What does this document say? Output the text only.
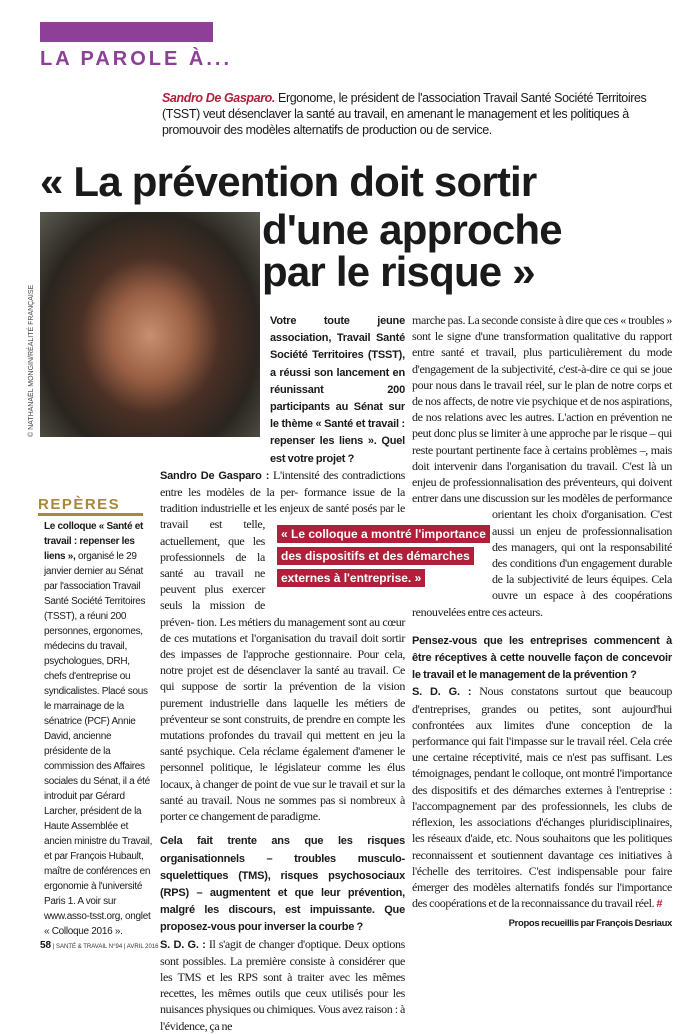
LA PAROLE À...
Sandro De Gasparo. Ergonome, le président de l'association Travail Santé Société Territoires (TSST) veut désenclaver la santé au travail, en amenant le management et les politiques à promouvoir des modèles alternatifs de production ou de service.
« La prévention doit sortir
d'une approche
par le risque »
© NATHANAËL MONGIN/RÉALITÉ FRANÇAISE	Votre toute jeune association, Travail Santé Société Territoires (TSST), a réussi son lancement en réunissant 200 participants au Sénat sur le thème « Santé et travail : repenser les liens ». Quel est votre projet ?
Sandro De Gasparo : L'intensité des contradictions entre les modèles de la per- formance issue de la tradition industrielle et les enjeux de santé posés par le travail est telle, actuellement, que les professionnels de la santé au travail ne peuvent plus exercer seuls la mission de préven- tion. Les métiers du management sont au cœur de ces mutations et l'organisation du travail doit sortir des impasses de l'approche gestionnaire. Pour cela, notre projet est de désenclaver la santé au travail. Ce qui suppose de sortir la prévention de la vision purement industrielle dans laquelle les métiers de préventeur se sont construits, de prendre en compte les mutations profondes du travail qui mettent en jeu la santé psychique. Cela réclame également d'amener le personnel politique, le législateur comme les élus locaux, à changer de point de vue sur le travail et sur la santé au travail. Nous ne sommes pas si nombreux à porter ce changement de paradigme.
Cela fait trente ans que les risques organisationnels – troubles musculo-squelettiques (TMS), risques psychosociaux (RPS) – augmentent et que leur prévention, malgré les discours, est impuissante. Que proposez-vous pour inverser la courbe ?
S. D. G. : Il s'agit de changer d'optique. Deux options sont possibles. La première consiste à considérer que les TMS et les RPS sont à traiter avec les mêmes recettes, les mêmes outils que ceux utilisés pour les nuisances physiques ou chimiques. Vous avez raison : à l'évidence, ça ne
« Le colloque a montré l'importance
des dispositifs et des démarches
externes à l'entreprise. »
marche pas. La seconde consiste à dire que ces « troubles » sont le signe d'une transformation qualitative du rapport entre santé et travail, plus particulièrement du mode d'engagement de la subjectivité, c'est-à-dire ce qui se joue pour nous dans le travail réel, sur le plan de notre corps et de nos affects, de notre vie psychique et de nos aspirations, de nos relations avec les autres. L'action en prévention ne peut donc plus se limiter à une approche par le risque – qui reste pourtant pertinente face à certains problèmes –, mais doit intervenir dans l'organisation du travail. C'est là un enjeu de professionnalisation des préventeurs, qui doivent entrer dans une discussion sur les modèles de performance orientant les choix d'organisation. C'est aussi un enjeu de professionnalisation des managers, qui ont la responsabilité des conditions d'un engagement durable de la subjectivité de leurs équipes. Cela ouvre un espace à des coopérations renouvelées entre ces acteurs.
Pensez-vous que les entreprises commencent à être réceptives à cette nouvelle façon de concevoir le travail et le management de la prévention ?
S. D. G. : Nous constatons surtout que beaucoup d'entreprises, grandes ou petites, sont aujourd'hui confrontées aux limites d'une conception de la performance qui fait l'impasse sur le travail réel. Cela crée une certaine réceptivité, mais ce n'est pas suffisant. Les témoignages, pendant le colloque, ont montré l'importance des dispositifs et des démarches externes à l'entreprise : l'accompagnement par des professionnels, les clubs de réflexion, les associations d'échanges pluridisciplinaires, les réseaux d'aide, etc. Nous souhaitons que les politiques reconnaissent et soutiennent davantage ces initiatives à l'échelle des territoires. C'est indispensable pour faire émerger des modèles alternatifs fondés sur l'importance des coopérations et de la reconnaissance du travail réel. #
Propos recueillis par François Desriaux
REPÈRES
Le colloque « Santé et travail : repenser les liens », organisé le 29 janvier dernier au Sénat par l'association Travail Santé Société Territoires (TSST), a réuni 200 personnes, ergonomes, médecins du travail, psychologues, DRH, chefs d'entreprise ou syndicalistes. Placé sous le marrainage de la sénatrice (PCF) Annie David, ancienne présidente de la commission des Affaires sociales du Sénat, il a été introduit par Gérard Larcher, président de la Haute Assemblée et ancien ministre du Travail, et par François Hubault, maître de conférences en ergonomie à l'université Paris 1. A voir sur www.asso-tsst.org, onglet « Colloque 2016 ».
58 | SANTÉ & TRAVAIL N°94 | AVRIL 2016
